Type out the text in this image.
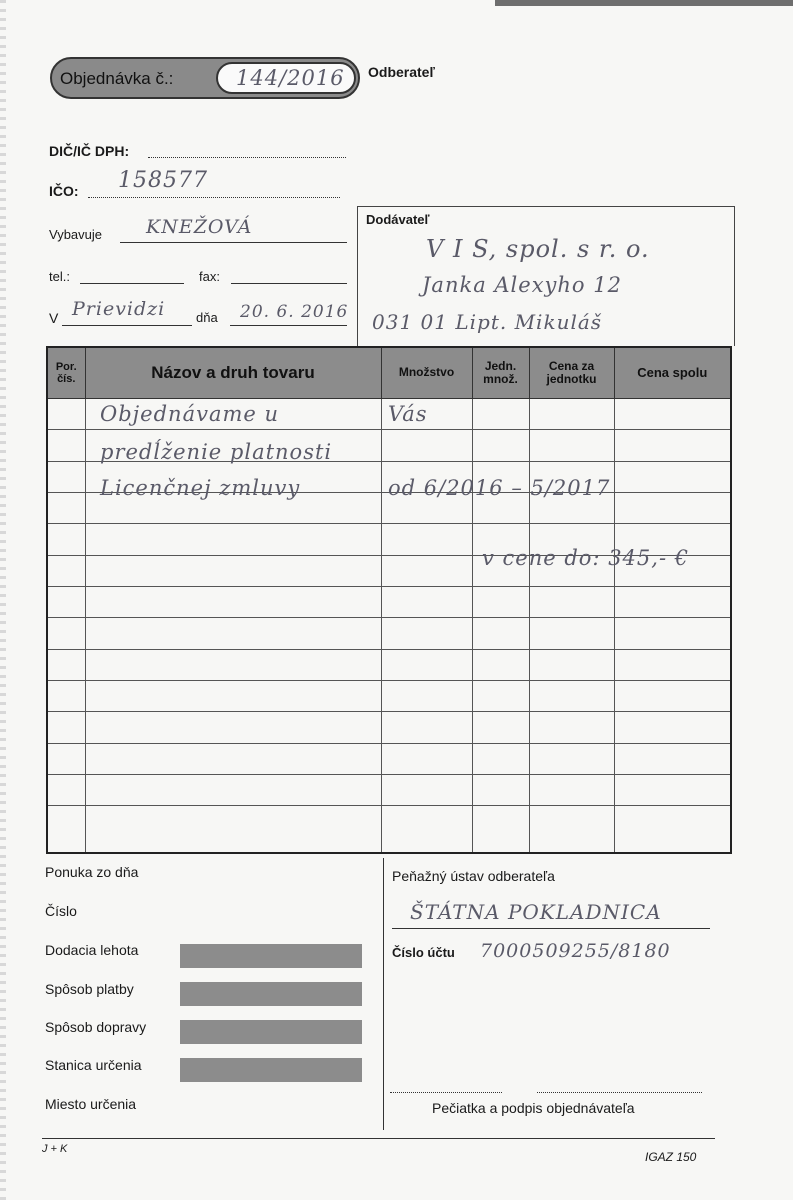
Objednávka č.:	144/2016 Odberateľ
DIČ/IČ DPH:
IČO: 158577
Vybavuje KNEŽOVÁ
tel.:	fax:
V Prievidzi dňa 20. 6. 2016
Dodávateľ
V I S, spol. s r. o.
Janka Alexyho 12
031 01 Lipt. Mikuláš
Por. čís.	Názov a druh tovaru	Množstvo	Jedn. množ.	Cena za jednotku	Cena spolu

Objednávame u	Vás
predĺženie platnosti
Licenčnej zmluvy	od 6/2016 – 5/2017
v cene do: 345,- €
Ponuka zo dňa
Číslo
Dodacia lehota
Spôsob platby
Spôsob dopravy
Stanica určenia
Miesto určenia
Peňažný ústav odberateľa
ŠTÁTNA POKLADNICA
Číslo účtu 7000509255/8180
Pečiatka a podpis objednávateľa
J + K
IGAZ 150
